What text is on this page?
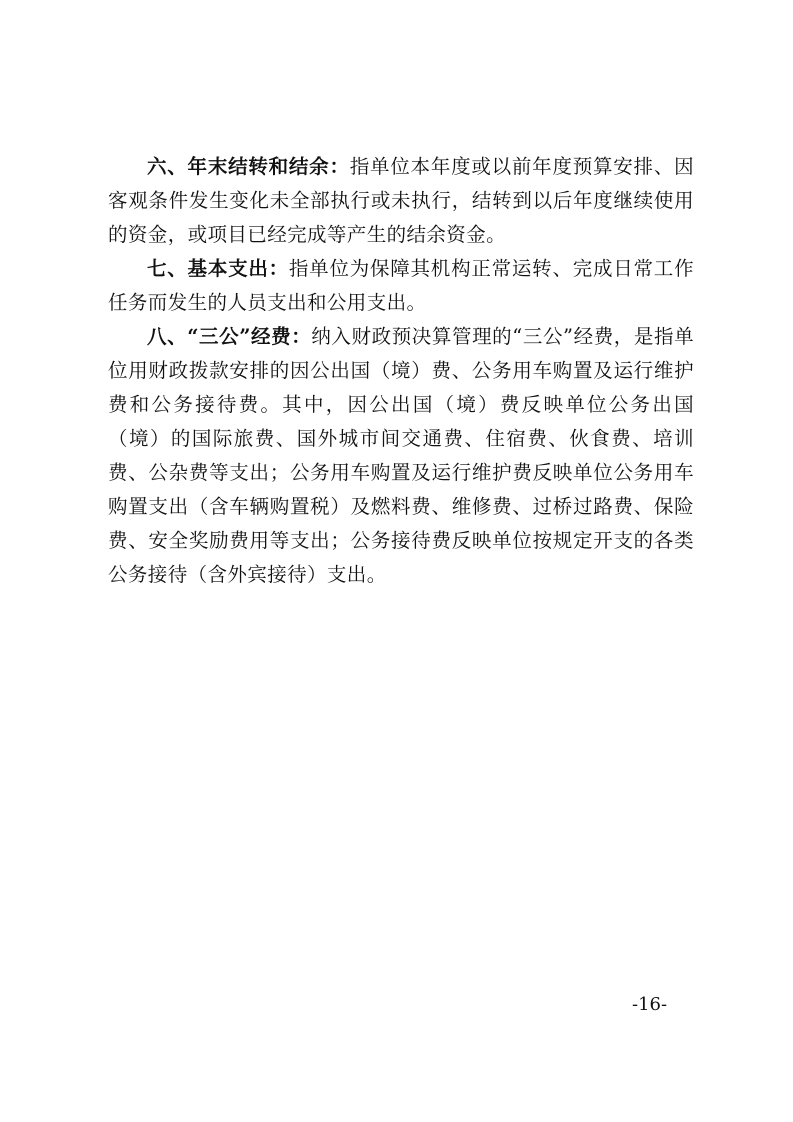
六、年末结转和结余：指单位本年度或以前年度预算安排、因客观条件发生变化未全部执行或未执行，结转到以后年度继续使用的资金，或项目已经完成等产生的结余资金。

七、基本支出：指单位为保障其机构正常运转、完成日常工作任务而发生的人员支出和公用支出。

八、“三公”经费：纳入财政预决算管理的“三公”经费，是指单位用财政拨款安排的因公出国（境）费、公务用车购置及运行维护费和公务接待费。其中，因公出国（境）费反映单位公务出国（境）的国际旅费、国外城市间交通费、住宿费、伙食费、培训费、公杂费等支出；公务用车购置及运行维护费反映单位公务用车购置支出（含车辆购置税）及燃料费、维修费、过桥过路费、保险费、安全奖励费用等支出；公务接待费反映单位按规定开支的各类公务接待（含外宾接待）支出。

-16-
